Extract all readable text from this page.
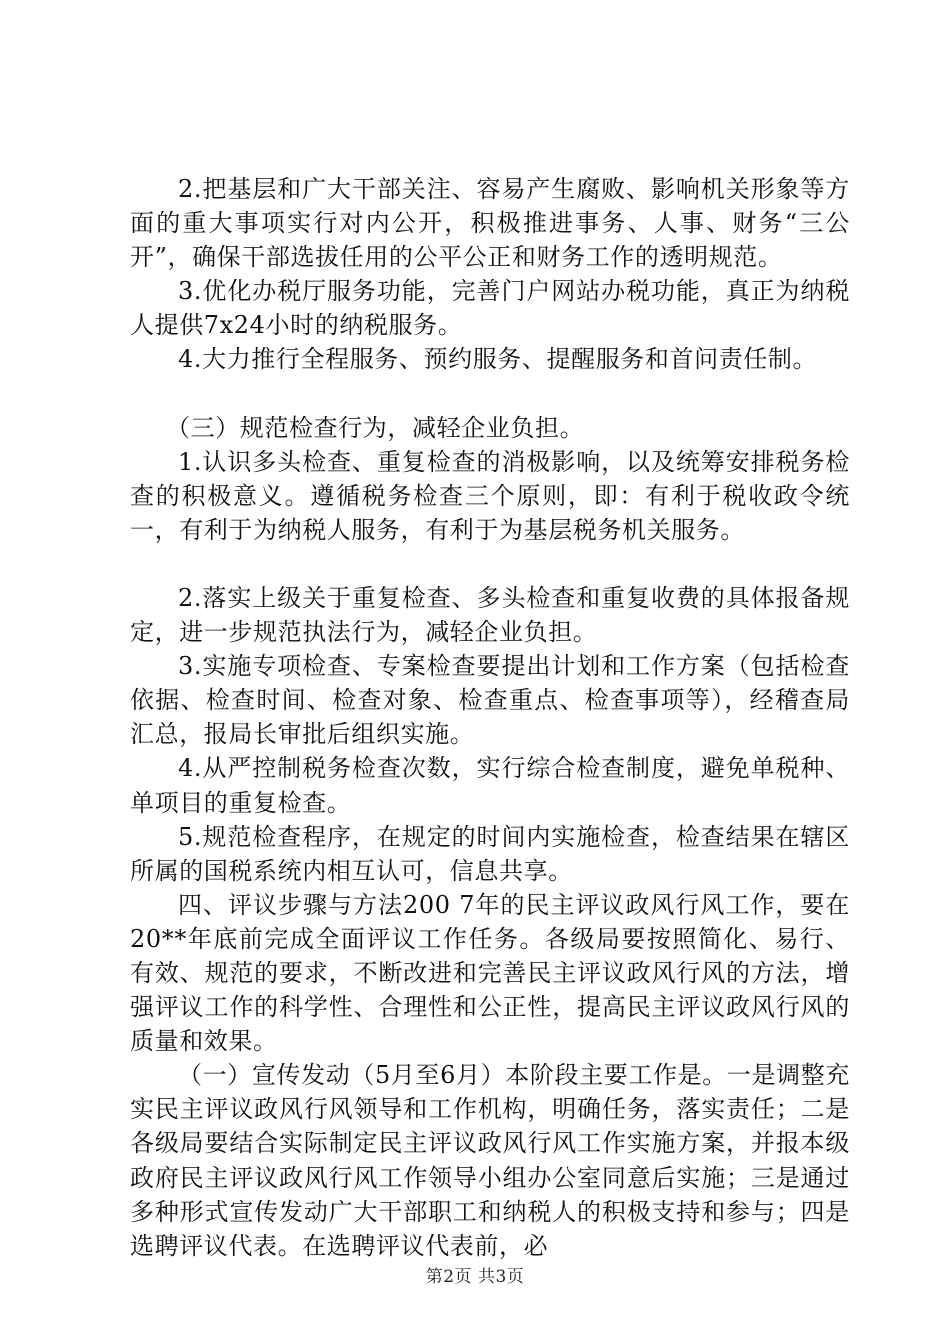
2.把基层和广大干部关注、容易产生腐败、影响机关形象等方面的重大事项实行对内公开，积极推进事务、人事、财务“三公开”，确保干部选拔任用的公平公正和财务工作的透明规范。

3.优化办税厅服务功能，完善门户网站办税功能，真正为纳税人提供7x24小时的纳税服务。

4.大力推行全程服务、预约服务、提醒服务和首问责任制。

（三）规范检查行为，减轻企业负担。

1.认识多头检查、重复检查的消极影响，以及统筹安排税务检查的积极意义。遵循税务检查三个原则，即：有利于税收政令统一，有利于为纳税人服务，有利于为基层税务机关服务。

2.落实上级关于重复检查、多头检查和重复收费的具体报备规定，进一步规范执法行为，减轻企业负担。

3.实施专项检查、专案检查要提出计划和工作方案（包括检查依据、检查时间、检查对象、检查重点、检查事项等），经稽查局汇总，报局长审批后组织实施。

4.从严控制税务检查次数，实行综合检查制度，避免单税种、单项目的重复检查。

5.规范检查程序，在规定的时间内实施检查，检查结果在辖区所属的国税系统内相互认可，信息共享。

四、评议步骤与方法200 7年的民主评议政风行风工作，要在20**年底前完成全面评议工作任务。各级局要按照简化、易行、有效、规范的要求，不断改进和完善民主评议政风行风的方法，增强评议工作的科学性、合理性和公正性，提高民主评议政风行风的质量和效果。

（一）宣传发动（5月至6月）本阶段主要工作是。一是调整充实民主评议政风行风领导和工作机构，明确任务，落实责任；二是各级局要结合实际制定民主评议政风行风工作实施方案，并报本级政府民主评议政风行风工作领导小组办公室同意后实施；三是通过多种形式宣传发动广大干部职工和纳税人的积极支持和参与；四是选聘评议代表。在选聘评议代表前，必

第2页 共3页
